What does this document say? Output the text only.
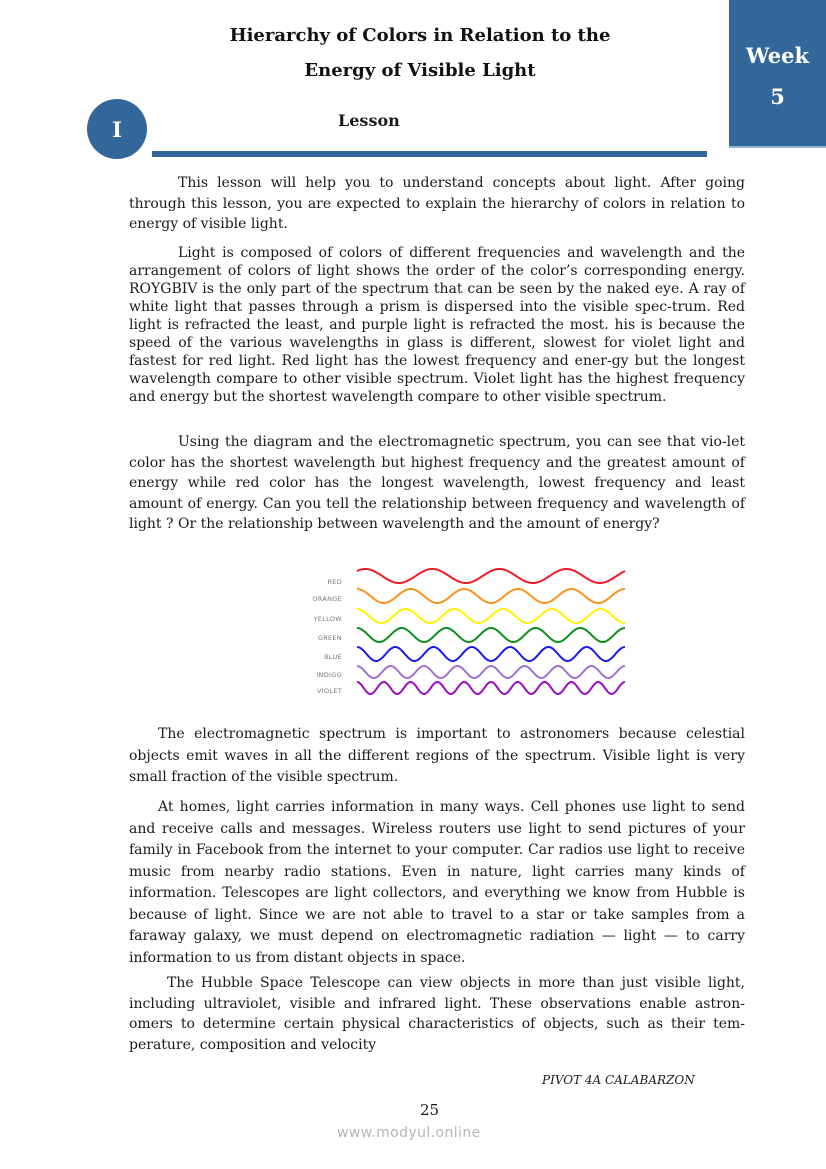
Hierarchy of Colors in Relation to the
Energy of Visible Light
Week
5
I	Lesson

This lesson will help you to understand concepts about light. After going through this lesson, you are expected to explain the hierarchy of colors in relation to energy of visible light.

Light is composed of colors of different frequencies and wavelength and the arrangement of colors of light shows the order of the color’s corresponding energy. ROYGBIV is the only part of the spectrum that can be seen by the naked eye. A ray of white light that passes through a prism is dispersed into the visible spec-trum. Red light is refracted the least, and purple light is refracted the most. his is because the speed of the various wavelengths in glass is different, slowest for violet light and fastest for red light. Red light has the lowest frequency and ener-gy but the longest wavelength compare to other visible spectrum. Violet light has the highest frequency and energy but the shortest wavelength compare to other visible spectrum.

Using the diagram and the electromagnetic spectrum, you can see that vio-let color has the shortest wavelength but highest frequency and the greatest amount of energy while red color has the longest wavelength, lowest frequency and least amount of energy. Can you tell the relationship between frequency and wavelength of light ? Or the relationship between wavelength and the amount of energy?

RED
ORANGE
YELLOW
GREEN
BLUE
INDIGO
VIOLET

The electromagnetic spectrum is important to astronomers because celestial objects emit waves in all the different regions of the spectrum. Visible light is very small fraction of the visible spectrum.

At homes, light carries information in many ways. Cell phones use light to send and receive calls and messages. Wireless routers use light to send pictures of your family in Facebook from the internet to your computer. Car radios use light to receive music from nearby radio stations. Even in nature, light carries many kinds of information. Telescopes are light collectors, and everything we know from Hubble is because of light. Since we are not able to travel to a star or take samples from a faraway galaxy, we must depend on electromagnetic radiation — light — to carry information to us from distant objects in space.

The Hubble Space Telescope can view objects in more than just visible light, including ultraviolet, visible and infrared light. These observations enable astron-omers to determine certain physical characteristics of objects, such as their tem-perature, composition and velocity

PIVOT 4A CALABARZON
25
www.modyul.online
